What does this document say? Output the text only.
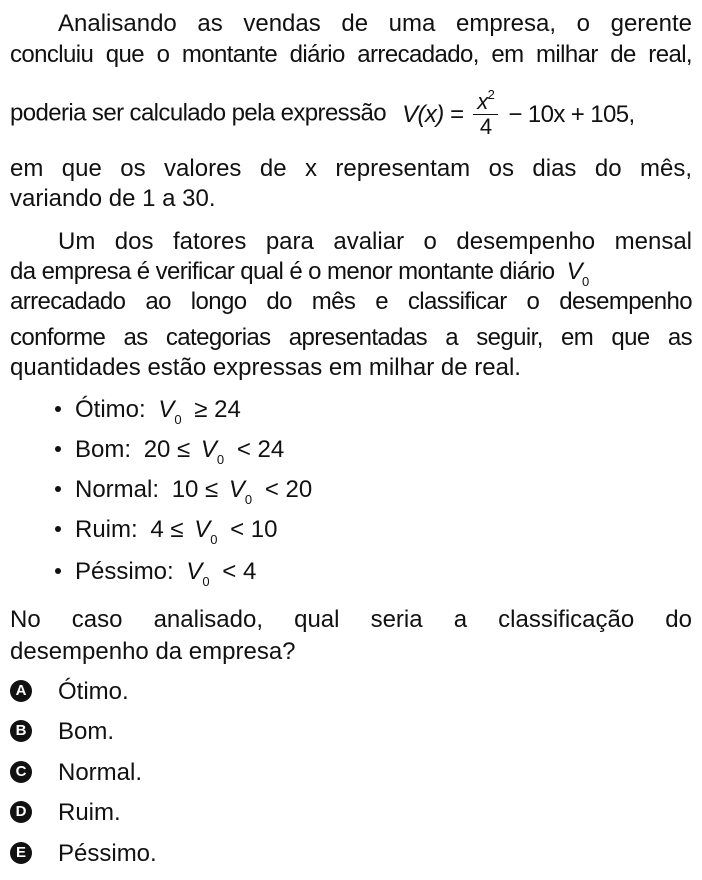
Analisando as vendas de uma empresa, o gerente
concluiu que o montante diário arrecadado, em milhar de real,
poderia ser calculado pela expressão $V(x) = \frac{x^2}{4} - 10x + 105$,
em que os valores de x representam os dias do mês,
variando de 1 a 30.
Um dos fatores para avaliar o desempenho mensal
da empresa é verificar qual é o menor montante diário $V_0$
arrecadado ao longo do mês e classificar o desempenho
conforme as categorias apresentadas a seguir, em que as
quantidades estão expressas em milhar de real.
Ótimo: $V_0 \ge 24$
Bom: $20 \le V_0 < 24$
Normal: $10 \le V_0 < 20$
Ruim: $4 \le V_0 < 10$
Péssimo: $V_0 < 4$
No caso analisado, qual seria a classificação do
desempenho da empresa?
A Ótimo.
B Bom.
C Normal.
D Ruim.
E Péssimo.
